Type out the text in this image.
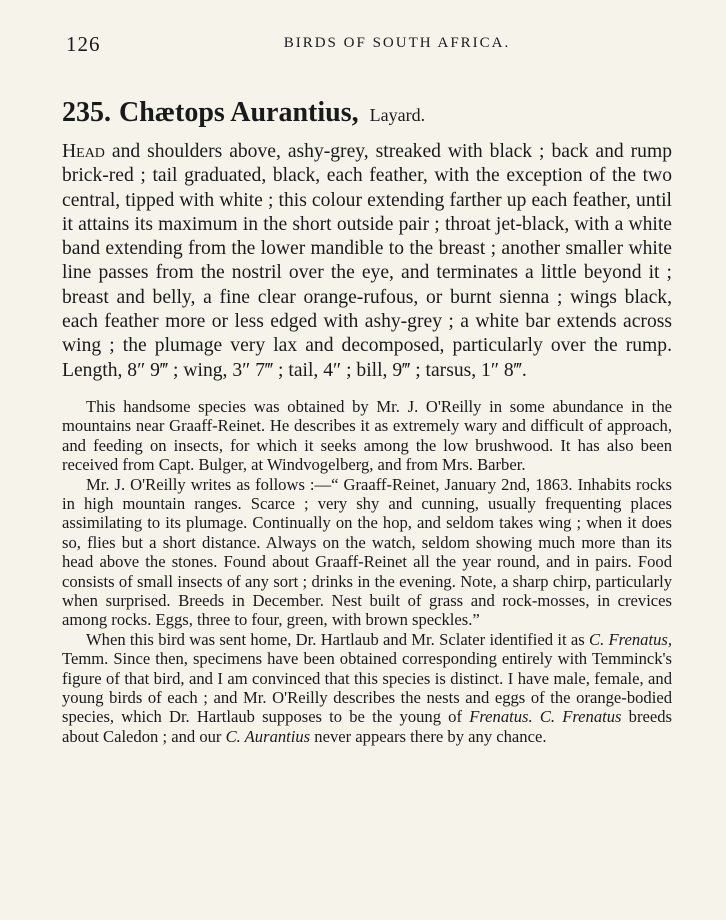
126	BIRDS OF SOUTH AFRICA.
235. Chætops Aurantius, Layard.

Head and shoulders above, ashy-grey, streaked with black ; back and rump brick-red ; tail graduated, black, each feather, with the exception of the two central, tipped with white ; this colour extending farther up each feather, until it attains its maximum in the short outside pair ; throat jet-black, with a white band extending from the lower mandible to the breast ; another smaller white line passes from the nostril over the eye, and terminates a little beyond it ; breast and belly, a fine clear orange-rufous, or burnt sienna ; wings black, each feather more or less edged with ashy-grey ; a white bar extends across wing ; the plumage very lax and decomposed, particularly over the rump. Length, 8″ 9‴ ; wing, 3″ 7‴ ; tail, 4″ ; bill, 9‴ ; tarsus, 1″ 8‴.

This handsome species was obtained by Mr. J. O'Reilly in some abundance in the mountains near Graaff-Reinet. He describes it as extremely wary and difficult of approach, and feeding on insects, for which it seeks among the low brushwood. It has also been received from Capt. Bulger, at Windvogelberg, and from Mrs. Barber.

Mr. J. O'Reilly writes as follows :—“ Graaff-Reinet, January 2nd, 1863. Inhabits rocks in high mountain ranges. Scarce ; very shy and cunning, usually frequenting places assimilating to its plumage. Continually on the hop, and seldom takes wing ; when it does so, flies but a short distance. Always on the watch, seldom showing much more than its head above the stones. Found about Graaff-Reinet all the year round, and in pairs. Food consists of small insects of any sort ; drinks in the evening. Note, a sharp chirp, particularly when surprised. Breeds in December. Nest built of grass and rock-mosses, in crevices among rocks. Eggs, three to four, green, with brown speckles.”

When this bird was sent home, Dr. Hartlaub and Mr. Sclater identified it as C. Frenatus, Temm. Since then, specimens have been obtained corresponding entirely with Temminck's figure of that bird, and I am convinced that this species is distinct. I have male, female, and young birds of each ; and Mr. O'Reilly describes the nests and eggs of the orange-bodied species, which Dr. Hartlaub supposes to be the young of Frenatus. C. Frenatus breeds about Caledon ; and our C. Aurantius never appears there by any chance.
